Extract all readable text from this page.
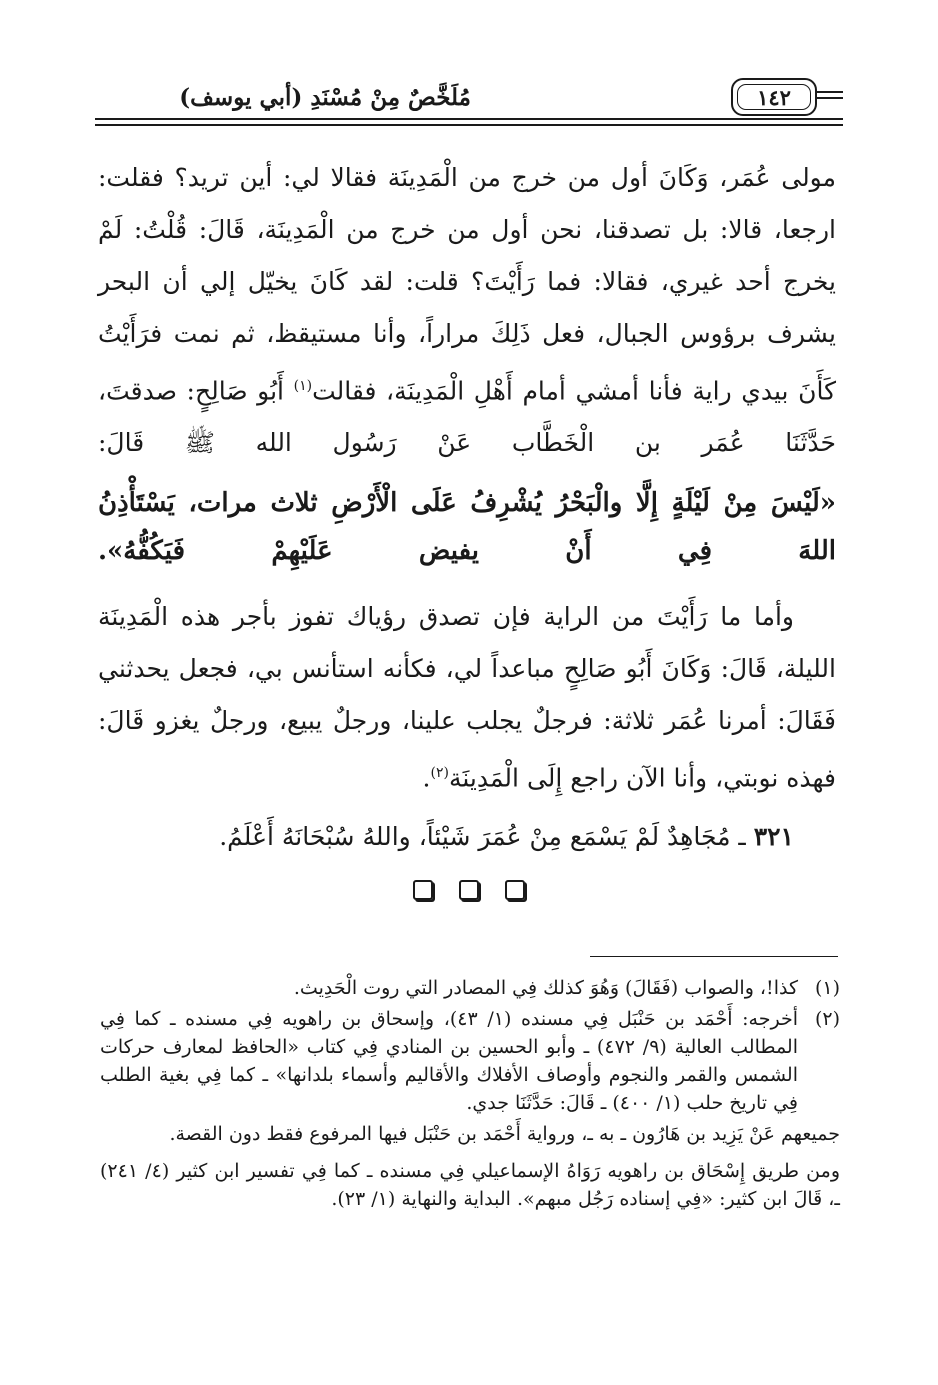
مُلَخَّصٌ مِنْ مُسْنَدِ (أبي يوسف)	١٤٢

مولى عُمَر، وَكَانَ أول من خرج من الْمَدِينَة فقالا لي: أين تريد؟ فقلت: ارجعا، قالا: بل تصدقنا، نحن أول من خرج من الْمَدِينَة، قَالَ: قُلْتُ: لَمْ يخرج أحد غيري، فقالا: فما رَأَيْتَ؟ قلت: لقد كَانَ يخيّل إلي أن البحر يشرف برؤوس الجبال، فعل ذَلِكَ مراراً، وأنا مستيقظ، ثم نمت فرَأَيْتُ كَأَنَ بيدي راية فأنا أمشي أمام أَهْلِ الْمَدِينَة، فقالت$^{(١)}$ أَبُو صَالِحٍ: صدقتَ، حَدَّثَنَا عُمَر بن الْخَطَّاب عَنْ رَسُول الله ﷺ قَالَ:

«لَيْسَ مِنْ لَيْلَةٍ إِلَّا والْبَحْرُ يُشْرِفُ عَلَى الْأَرْضِ ثلاث مرات، يَسْتَأْذِنُ اللهَ فِي أَنْ يفيض عَلَيْهِمْ فَيَكُفُّهُ».

وأما ما رَأَيْتَ من الراية فإن تصدق رؤياك تفوز بأجر هذه الْمَدِينَة الليلة، قَالَ: وَكَانَ أَبُو صَالِحٍ مباعداً لي، فكأنه استأنس بي، فجعل يحدثني فَقَالَ: أمرنا عُمَر ثلاثة: فرجلٌ يجلب علينا، ورجلٌ يبيع، ورجلٌ يغزو قَالَ: فهذه نوبتي، وأنا الآن راجع إِلَى الْمَدِينَة$^{(٢)}$.

٣٢١ ـ مُجَاهِدٌ لَمْ يَسْمَع مِنْ عُمَرَ شَيْئاً، واللهُ سُبْحَانَهُ أَعْلَمُ.

(١)
كذا!، والصواب (فَقَالَ) وَهُوَ كذلك فِي المصادر التي روت الْحَدِيث.

(٢)
أخرجه: أَحْمَد بن حَنْبَل فِي مسنده (١/ ٤٣)، وإسحاق بن راهويه فِي مسنده ـ كما فِي المطالب العالية (٩/ ٤٧٢) ـ وأبو الحسين بن المنادي فِي كتاب «الحافظ لمعارف حركات الشمس والقمر والنجوم وأوصاف الأفلاك والأقاليم وأسماء بلدانها» ـ كما فِي بغية الطلب فِي تاريخ حلب (١/ ٤٠٠) ـ قَالَ: حَدَّثَنَا جدي.

جميعهم عَنْ يَزِيد بن هَارُون ـ به ـ، ورواية أَحْمَد بن حَنْبَل فيها المرفوع فقط دون القصة.

ومن طريق إِسْحَاق بن راهويه رَوَاهُ الإسماعيلي فِي مسنده ـ كما فِي تفسير ابن كثير (٤/ ٢٤١) ـ، قَالَ ابن كثير: «فِي إسناده رَجُل مبهم». البداية والنهاية (١/ ٢٣).
